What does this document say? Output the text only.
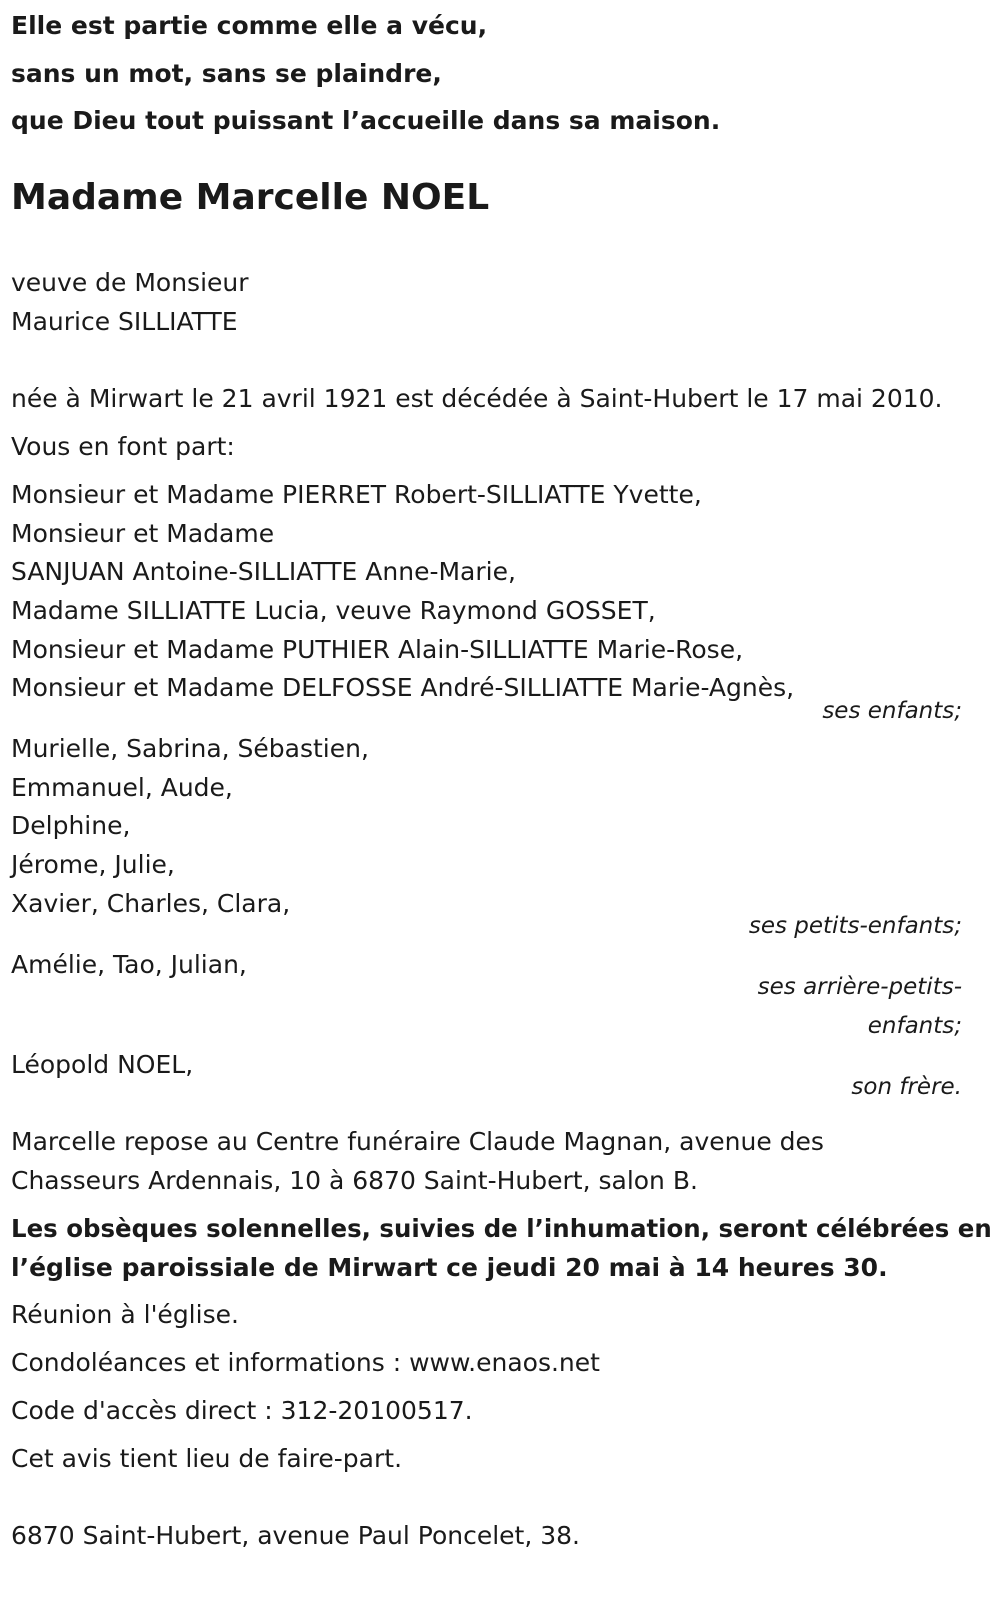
Elle est partie comme elle a vécu,

sans un mot, sans se plaindre,

que Dieu tout puissant l’accueille dans sa maison.

Madame Marcelle NOEL

veuve de Monsieur

Maurice SILLIATTE

née à Mirwart le 21 avril 1921 est décédée à Saint-Hubert le 17 mai 2010.

Vous en font part:

Monsieur et Madame PIERRET Robert-SILLIATTE Yvette,

Monsieur et Madame

SANJUAN Antoine-SILLIATTE Anne-Marie,

Madame SILLIATTE Lucia, veuve Raymond GOSSET,

Monsieur et Madame PUTHIER Alain-SILLIATTE Marie-Rose,

Monsieur et Madame DELFOSSE André-SILLIATTE Marie-Agnès,

ses enfants;

Murielle, Sabrina, Sébastien,

Emmanuel, Aude,

Delphine,

Jérome, Julie,

Xavier, Charles, Clara,

ses petits-enfants;

Amélie, Tao, Julian,

ses arrière-petits-

enfants;

Léopold NOEL,

son frère.

Marcelle repose au Centre funéraire Claude Magnan, avenue des

Chasseurs Ardennais, 10 à 6870 Saint-Hubert, salon B.

Les obsèques solennelles, suivies de l’inhumation, seront célébrées en

l’église paroissiale de Mirwart ce jeudi 20 mai à 14 heures 30.

Réunion à l'église.

Condoléances et informations : www.enaos.net

Code d'accès direct : 312-20100517.

Cet avis tient lieu de faire-part.

6870 Saint-Hubert, avenue Paul Poncelet, 38.
